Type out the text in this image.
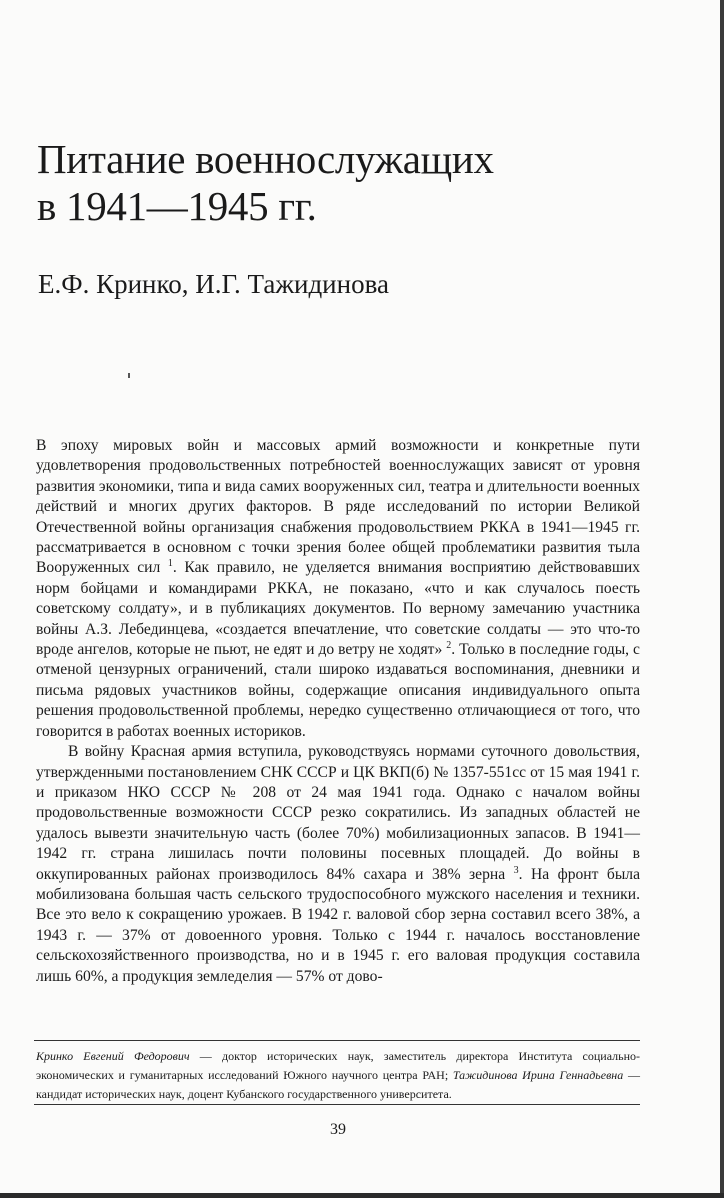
Питание военнослужащих
в 1941—1945 гг.

Е.Ф. Кринко, И.Г. Тажидинова

В эпоху мировых войн и массовых армий возможности и конкретные пути удовлетворения продовольственных потребностей военнослужащих зависят от уровня развития экономики, типа и вида самих вооруженных сил, театра и длительности военных действий и многих других факторов. В ряде исследований по истории Великой Отечественной войны организация снабжения продовольствием РККА в 1941—1945 гг. рассматривается в основном с точки зрения более общей проблематики развития тыла Вооруженных сил $^1$. Как правило, не уделяется внимания восприятию действовавших норм бойцами и командирами РККА, не показано, «что и как случалось поесть советскому солдату», и в публикациях документов. По верному замечанию участника войны А.З. Лебединцева, «создается впечатление, что советские солдаты — это что-то вроде ангелов, которые не пьют, не едят и до ветру не ходят» $^2$. Только в последние годы, с отменой цензурных ограничений, стали широко издаваться воспоминания, дневники и письма рядовых участников войны, содержащие описания индивидуального опыта решения продовольственной проблемы, нередко существенно отличающиеся от того, что говорится в работах военных историков.

В войну Красная армия вступила, руководствуясь нормами суточного довольствия, утвержденными постановлением СНК СССР и ЦК ВКП(б) № 1357-551сс от 15 мая 1941 г. и приказом НКО СССР № 208 от 24 мая 1941 года. Однако с началом войны продовольственные возможности СССР резко сократились. Из западных областей не удалось вывезти значительную часть (более 70%) мобилизационных запасов. В 1941—1942 гг. страна лишилась почти половины посевных площадей. До войны в оккупированных районах производилось 84% сахара и 38% зерна $^3$. На фронт была мобилизована большая часть сельского трудоспособного мужского населения и техники. Все это вело к сокращению урожаев. В 1942 г. валовой сбор зерна составил всего 38%, а 1943 г. — 37% от довоенного уровня. Только с 1944 г. началось восстановление сельскохозяйственного производства, но и в 1945 г. его валовая продукция составила лишь 60%, а продукция земледелия — 57% от дово-

Кринко Евгений Федорович — доктор исторических наук, заместитель директора Института социально-экономических и гуманитарных исследований Южного научного центра РАН; Тажидинова Ирина Геннадьевна — кандидат исторических наук, доцент Кубанского государственного университета.
39
